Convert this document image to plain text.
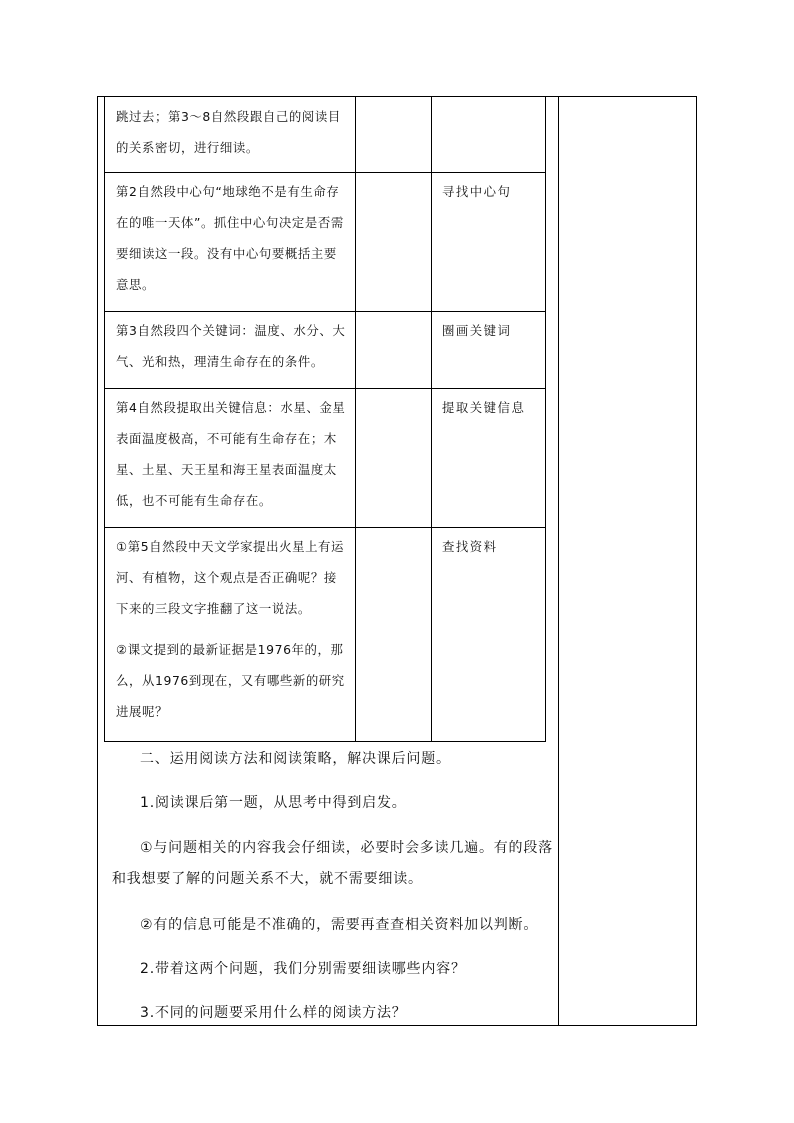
跳过去；第3～8自然段跟自己的阅读目的关系密切，进行细读。

第2自然段中心句“地球绝不是有生命存在的唯一天体”。抓住中心句决定是否需要细读这一段。没有中心句要概括主要意思。

寻找中心句

第3自然段四个关键词：温度、水分、大气、光和热，理清生命存在的条件。

圈画关键词

第4自然段提取出关键信息：水星、金星表面温度极高，不可能有生命存在；木星、土星、天王星和海王星表面温度太低，也不可能有生命存在。

提取关键信息

①第5自然段中天文学家提出火星上有运河、有植物，这个观点是否正确呢？接下来的三段文字推翻了这一说法。

②课文提到的最新证据是1976年的，那么，从1976到现在，又有哪些新的研究进展呢？

查找资料

二、运用阅读方法和阅读策略，解决课后问题。

1.阅读课后第一题，从思考中得到启发。

①与问题相关的内容我会仔细读，必要时会多读几遍。有的段落和我想要了解的问题关系不大，就不需要细读。

②有的信息可能是不准确的，需要再查查相关资料加以判断。

2.带着这两个问题，我们分别需要细读哪些内容？

3.不同的问题要采用什么样的阅读方法？
